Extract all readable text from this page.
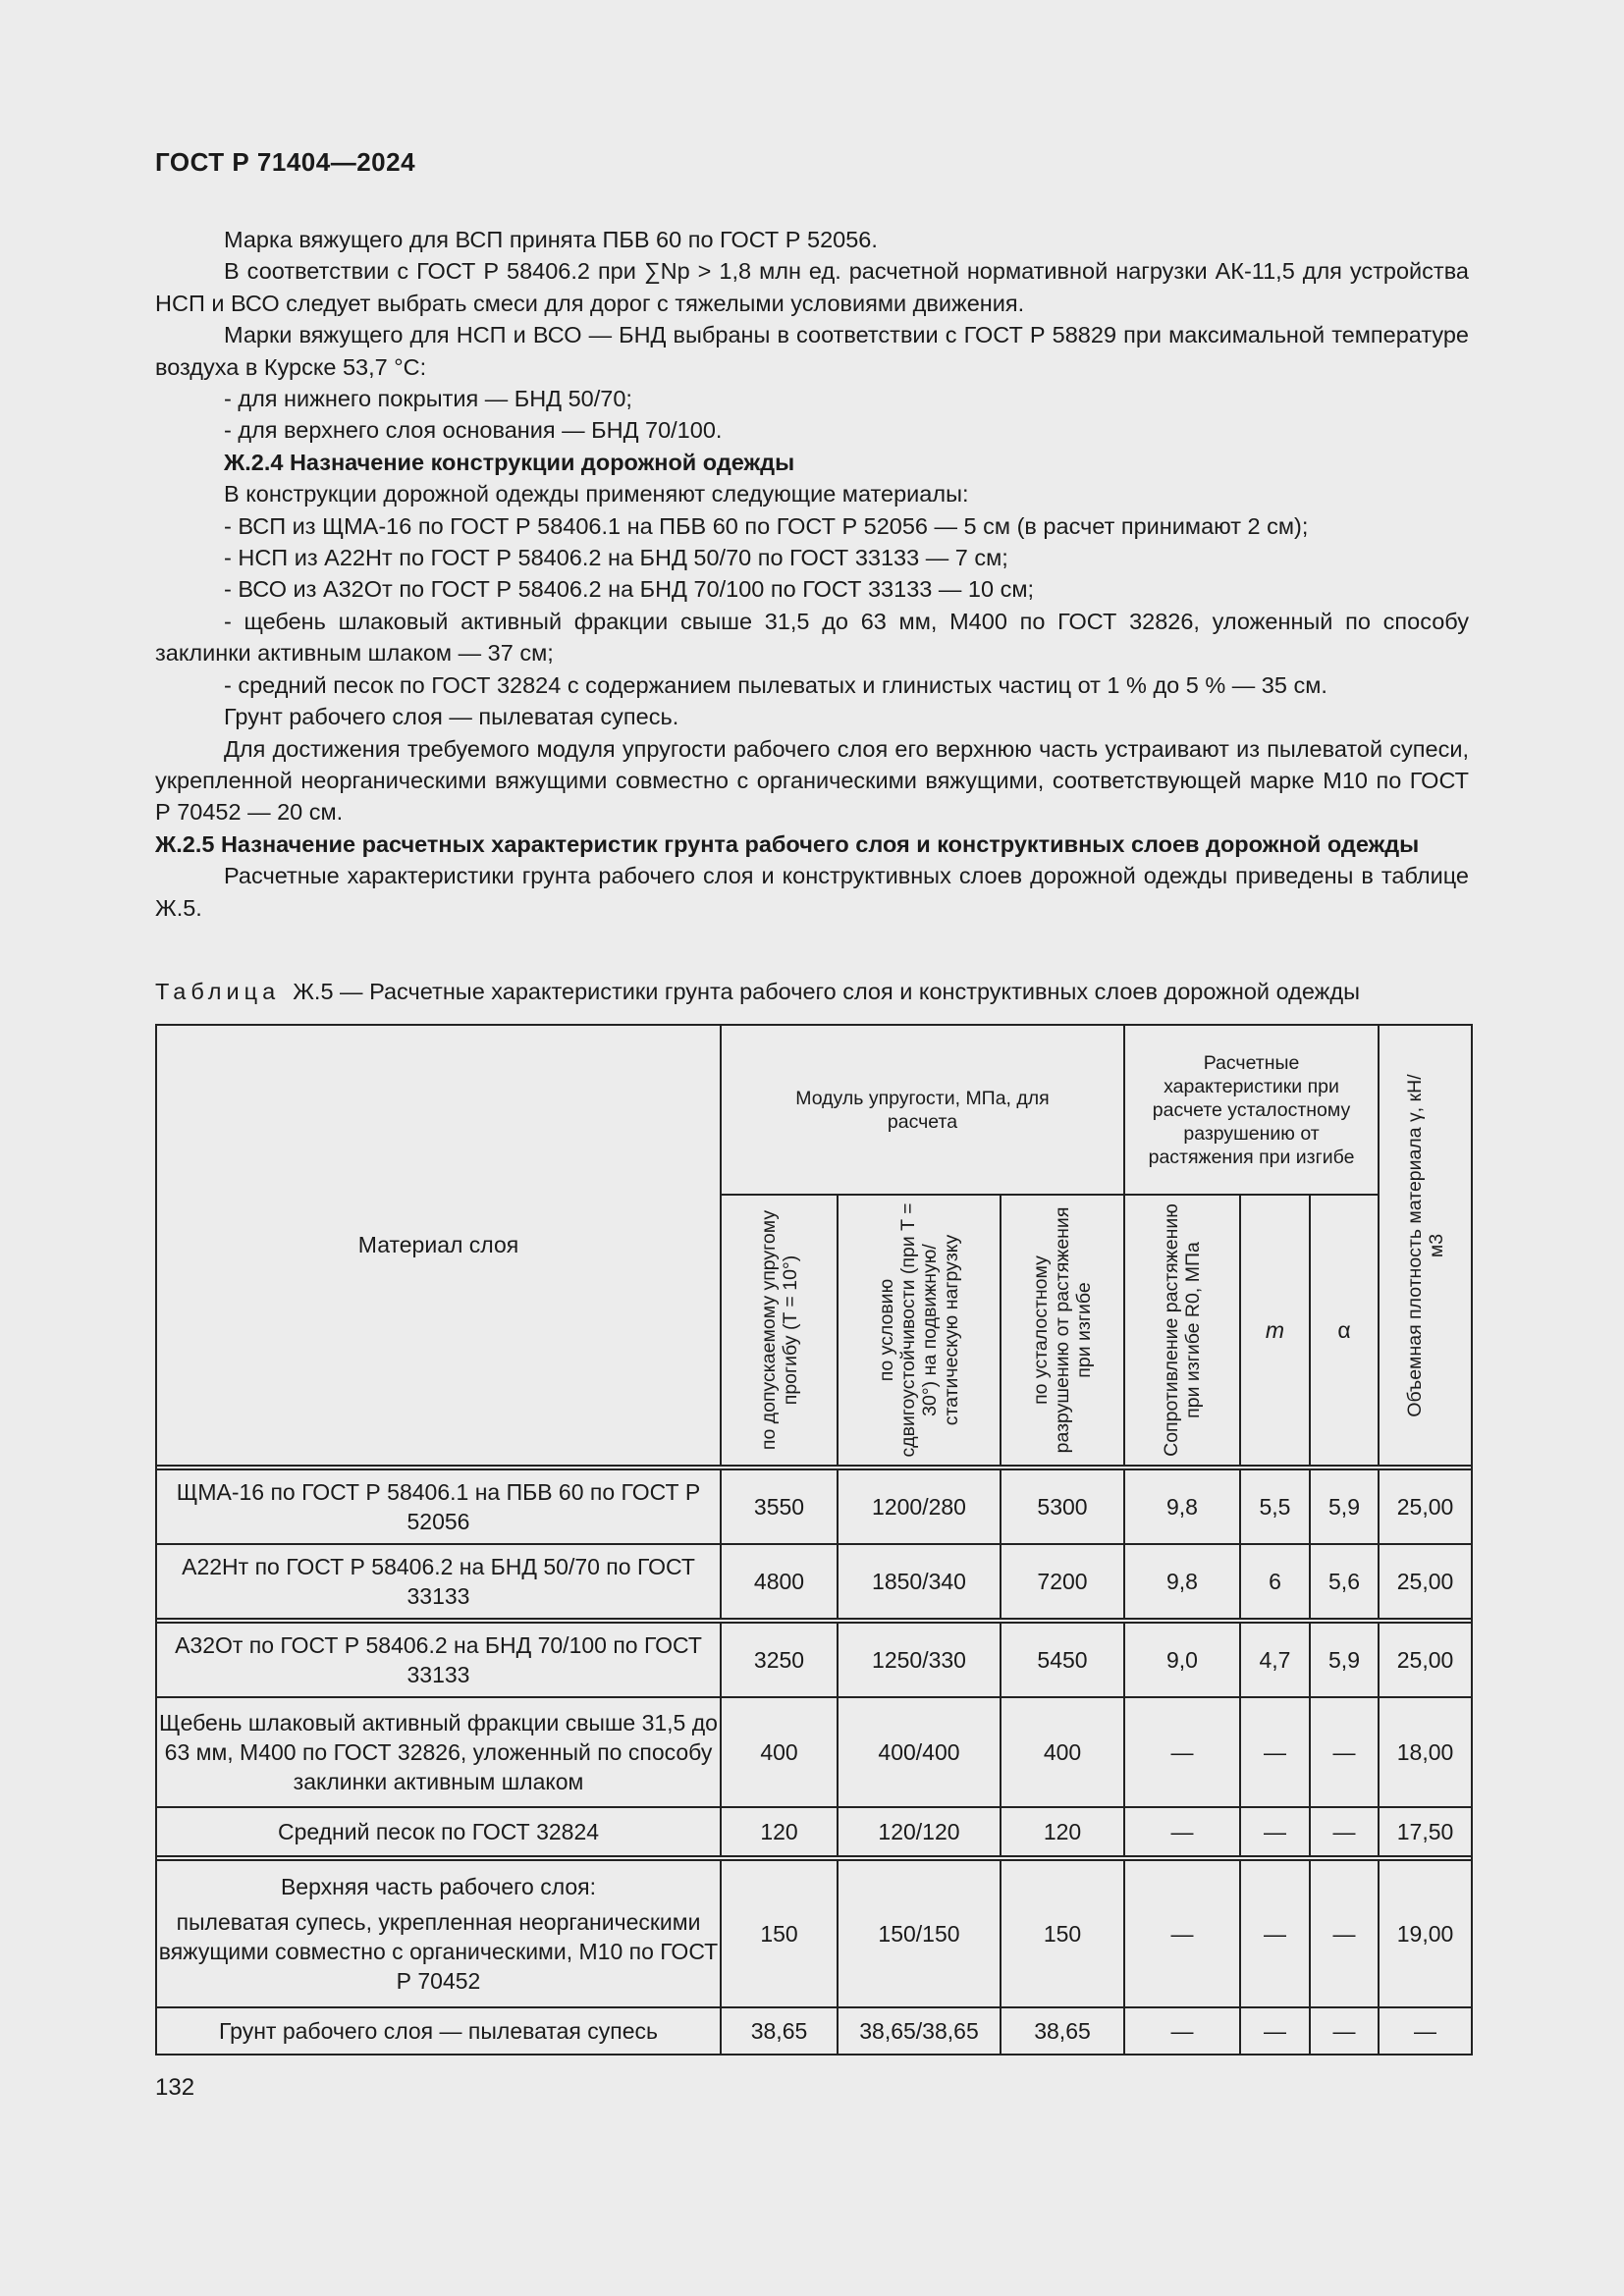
ГОСТ Р 71404—2024

Марка вяжущего для ВСП принята ПБВ 60 по ГОСТ Р 52056.

В соответствии с ГОСТ Р 58406.2 при ∑Nр > 1,8 млн ед. расчетной нормативной нагрузки АК-11,5 для устройства НСП и ВСО следует выбрать смеси для дорог с тяжелыми условиями движения.

Марки вяжущего для НСП и ВСО — БНД выбраны в соответствии с ГОСТ Р 58829 при максимальной температуре воздуха в Курске 53,7 °С:

- для нижнего покрытия — БНД 50/70;

- для верхнего слоя основания — БНД 70/100.

Ж.2.4 Назначение конструкции дорожной одежды

В конструкции дорожной одежды применяют следующие материалы:

- ВСП из ЩМА-16 по ГОСТ Р 58406.1 на ПБВ 60 по ГОСТ Р 52056 — 5 см (в расчет принимают 2 см);

- НСП из А22Нт по ГОСТ Р 58406.2 на БНД 50/70 по ГОСТ 33133 — 7 см;

- ВСО из А32От по ГОСТ Р 58406.2 на БНД 70/100 по ГОСТ 33133 — 10 см;

- щебень шлаковый активный фракции свыше 31,5 до 63 мм, М400 по ГОСТ 32826, уложенный по способу заклинки активным шлаком — 37 см;

- средний песок по ГОСТ 32824 с содержанием пылеватых и глинистых частиц от 1 % до 5 % — 35 см.

Грунт рабочего слоя — пылеватая супесь.

Для достижения требуемого модуля упругости рабочего слоя его верхнюю часть устраивают из пылеватой супеси, укрепленной неорганическими вяжущими совместно с органическими вяжущими, соответствующей марке М10 по ГОСТ Р 70452 — 20 см.

Ж.2.5 Назначение расчетных характеристик грунта рабочего слоя и конструктивных слоев дорожной одежды

Расчетные характеристики грунта рабочего слоя и конструктивных слоев дорожной одежды приведены в таблице Ж.5.

Таблица Ж.5 — Расчетные характеристики грунта рабочего слоя и конструктивных слоев дорожной одежды
Материал слоя	Модуль упругости, МПа, для расчета			Расчетные характеристики при расчете усталостному разрушению от растяжения при изгибе			Объемная плотность материала γ, кН/м3

	по допускаемому упругому прогибу (T = 10°)	по условию сдвигоустойчивости (при T = 30°) на подвижную/статическую нагрузку	по усталостному разрушению от растяжения при изгибе	Сопротивление растяжению при изгибе R0, МПа	m	α	

ЩМА-16 по ГОСТ Р 58406.1 на ПБВ 60 по ГОСТ Р 52056	3550	1200/280	5300	9,8	5,5	5,9	25,00
А22Нт по ГОСТ Р 58406.2 на БНД 50/70 по ГОСТ 33133	4800	1850/340	7200	9,8	6	5,6	25,00

А32От по ГОСТ Р 58406.2 на БНД 70/100 по ГОСТ 33133	3250	1250/330	5450	9,0	4,7	5,9	25,00
Щебень шлаковый активный фракции свыше 31,5 до 63 мм, М400 по ГОСТ 32826, уложенный по способу заклинки активным шлаком	400	400/400	400	—	—	—	18,00
Средний песок по ГОСТ 32824	120	120/120	120	—	—	—	17,50

Верхняя часть рабочего слоя:

пылеватая супесь, укрепленная неорганическими вяжущими совместно с органическими, М10 по ГОСТ Р 70452	150	150/150	150	—	—	—	19,00
Грунт рабочего слоя — пылеватая супесь	38,65	38,65/38,65	38,65	—	—	—	—
132
